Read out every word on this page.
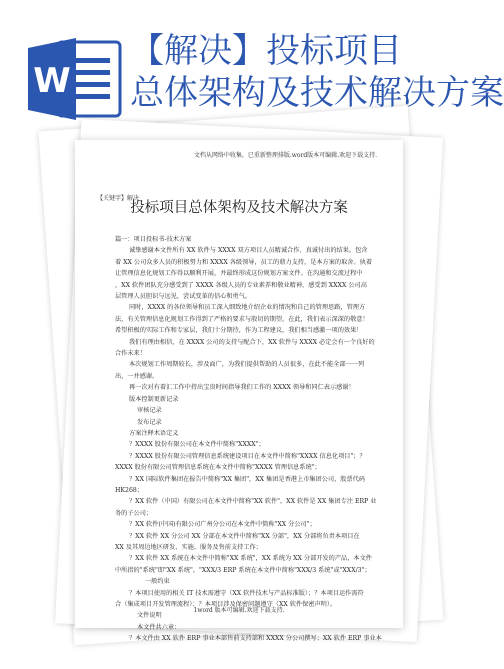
W
【解决】投标项目
总体架构及技术解决方案
文档从网络中收集，已重新整理排版.word版本可编辑.欢迎下载支持.
【关键字】解决
投标项目总体架构及技术解决方案

篇一：项目投标书-技术方案

诚挚感谢本文件所有 XX 软件与 XXXX 双方项目人员精诚合作、真诚付出的结果。包含

着 XX 公司众多人员的积极努力和 XXXX 各级领导，员工的鼎力支持，是本方案的取舍。执着

让管理信息化规划工作得以顺利开展，并最终形成这份规划方案文件。在沟通和交流过程中

，XX 软件团队充分感受到了 XXXX 各级人员的专业素养和敬业精神，感受到 XXXX 公司高

层管理人员胆识与远见，尝试变革的信心和勇气。

同时，XXXX 的各位领导和员工深入细致地介绍企业的情况和自己的管理思路，管理方

法，有关管理信息化规划工作得到了严格的要求与殷切的期望，在此，我们表示深深的敬意！

希望积极的实际工作和专家层，我们十分期待，作为工程建议，我们相当感激一项的效果！

我们有理由相信，在 XXXX 公司的支持与配合下，XX 软件与 XXXX 必定会有一个良好的

合作未来！

本次规划工作周期较长，涉及面广，为我们提供帮助的人员很多，在此不能全部一一列

出，一并感谢。

再一次对有着汇工作中持出宝贵时间指导我们工作的 XXXX 领导和同仁表示感谢！

版本控制更新记录

审核记录

发布记录

方案注释术语定义

？XXXX 股份有限公司在本文件中简称"XXXX"；

？XXXX 股份有限公司管理信息系统建设项目在本文件中简称"XXXX 信息化项目"；？

XXXX 股份有限公司管理信息系统在本文件中简称"XXXX 管理信息系统"；

？XX 国际软件集团在报告中简称"XX 集团"，XX 集团是香港上市集团公司，股票代码

HK268；

？XX 软件（中国）有限公司在本文件中简称"XX 软件"，XX 软件是 XX 集团专注 ERP 业

务的子公司；

？XX 软件(中国)有限公司广州分公司在本文件中简称"XX 分公司"；

？XX 软件 XX 分公司 XX 分部在本文件中简称"XX 分部"，XX 分部将负责本项目在

XX 及其周边地区研发、实施、服务及售前支持工作；

？XX 软件 XX 系统在本文件中简称"XX 系统"，XX 系统为 XX 分部开发的产品，本文件

中所指的"系统"即"XX 系统"，"XXX/3 ERP 系统在本文件中简称"XXX/3 系统"或"XXX/3"；

一般约束

？本项目使用的相关 IT 技术需遵守（XX 软件技术与产品标准版）；？本项目运作需符

合（集成项目开发管理流程）；？本项目涉及保密问题遵守（XX 软件保密声明）。

文件说明

本文件共六章：

？本文件由 XX 软件 ERP 事业本部售前支持部和 XXXX 分公司撰写；XX 软件 ERP 事业本

1word 版本可编辑.欢迎下载支持.
